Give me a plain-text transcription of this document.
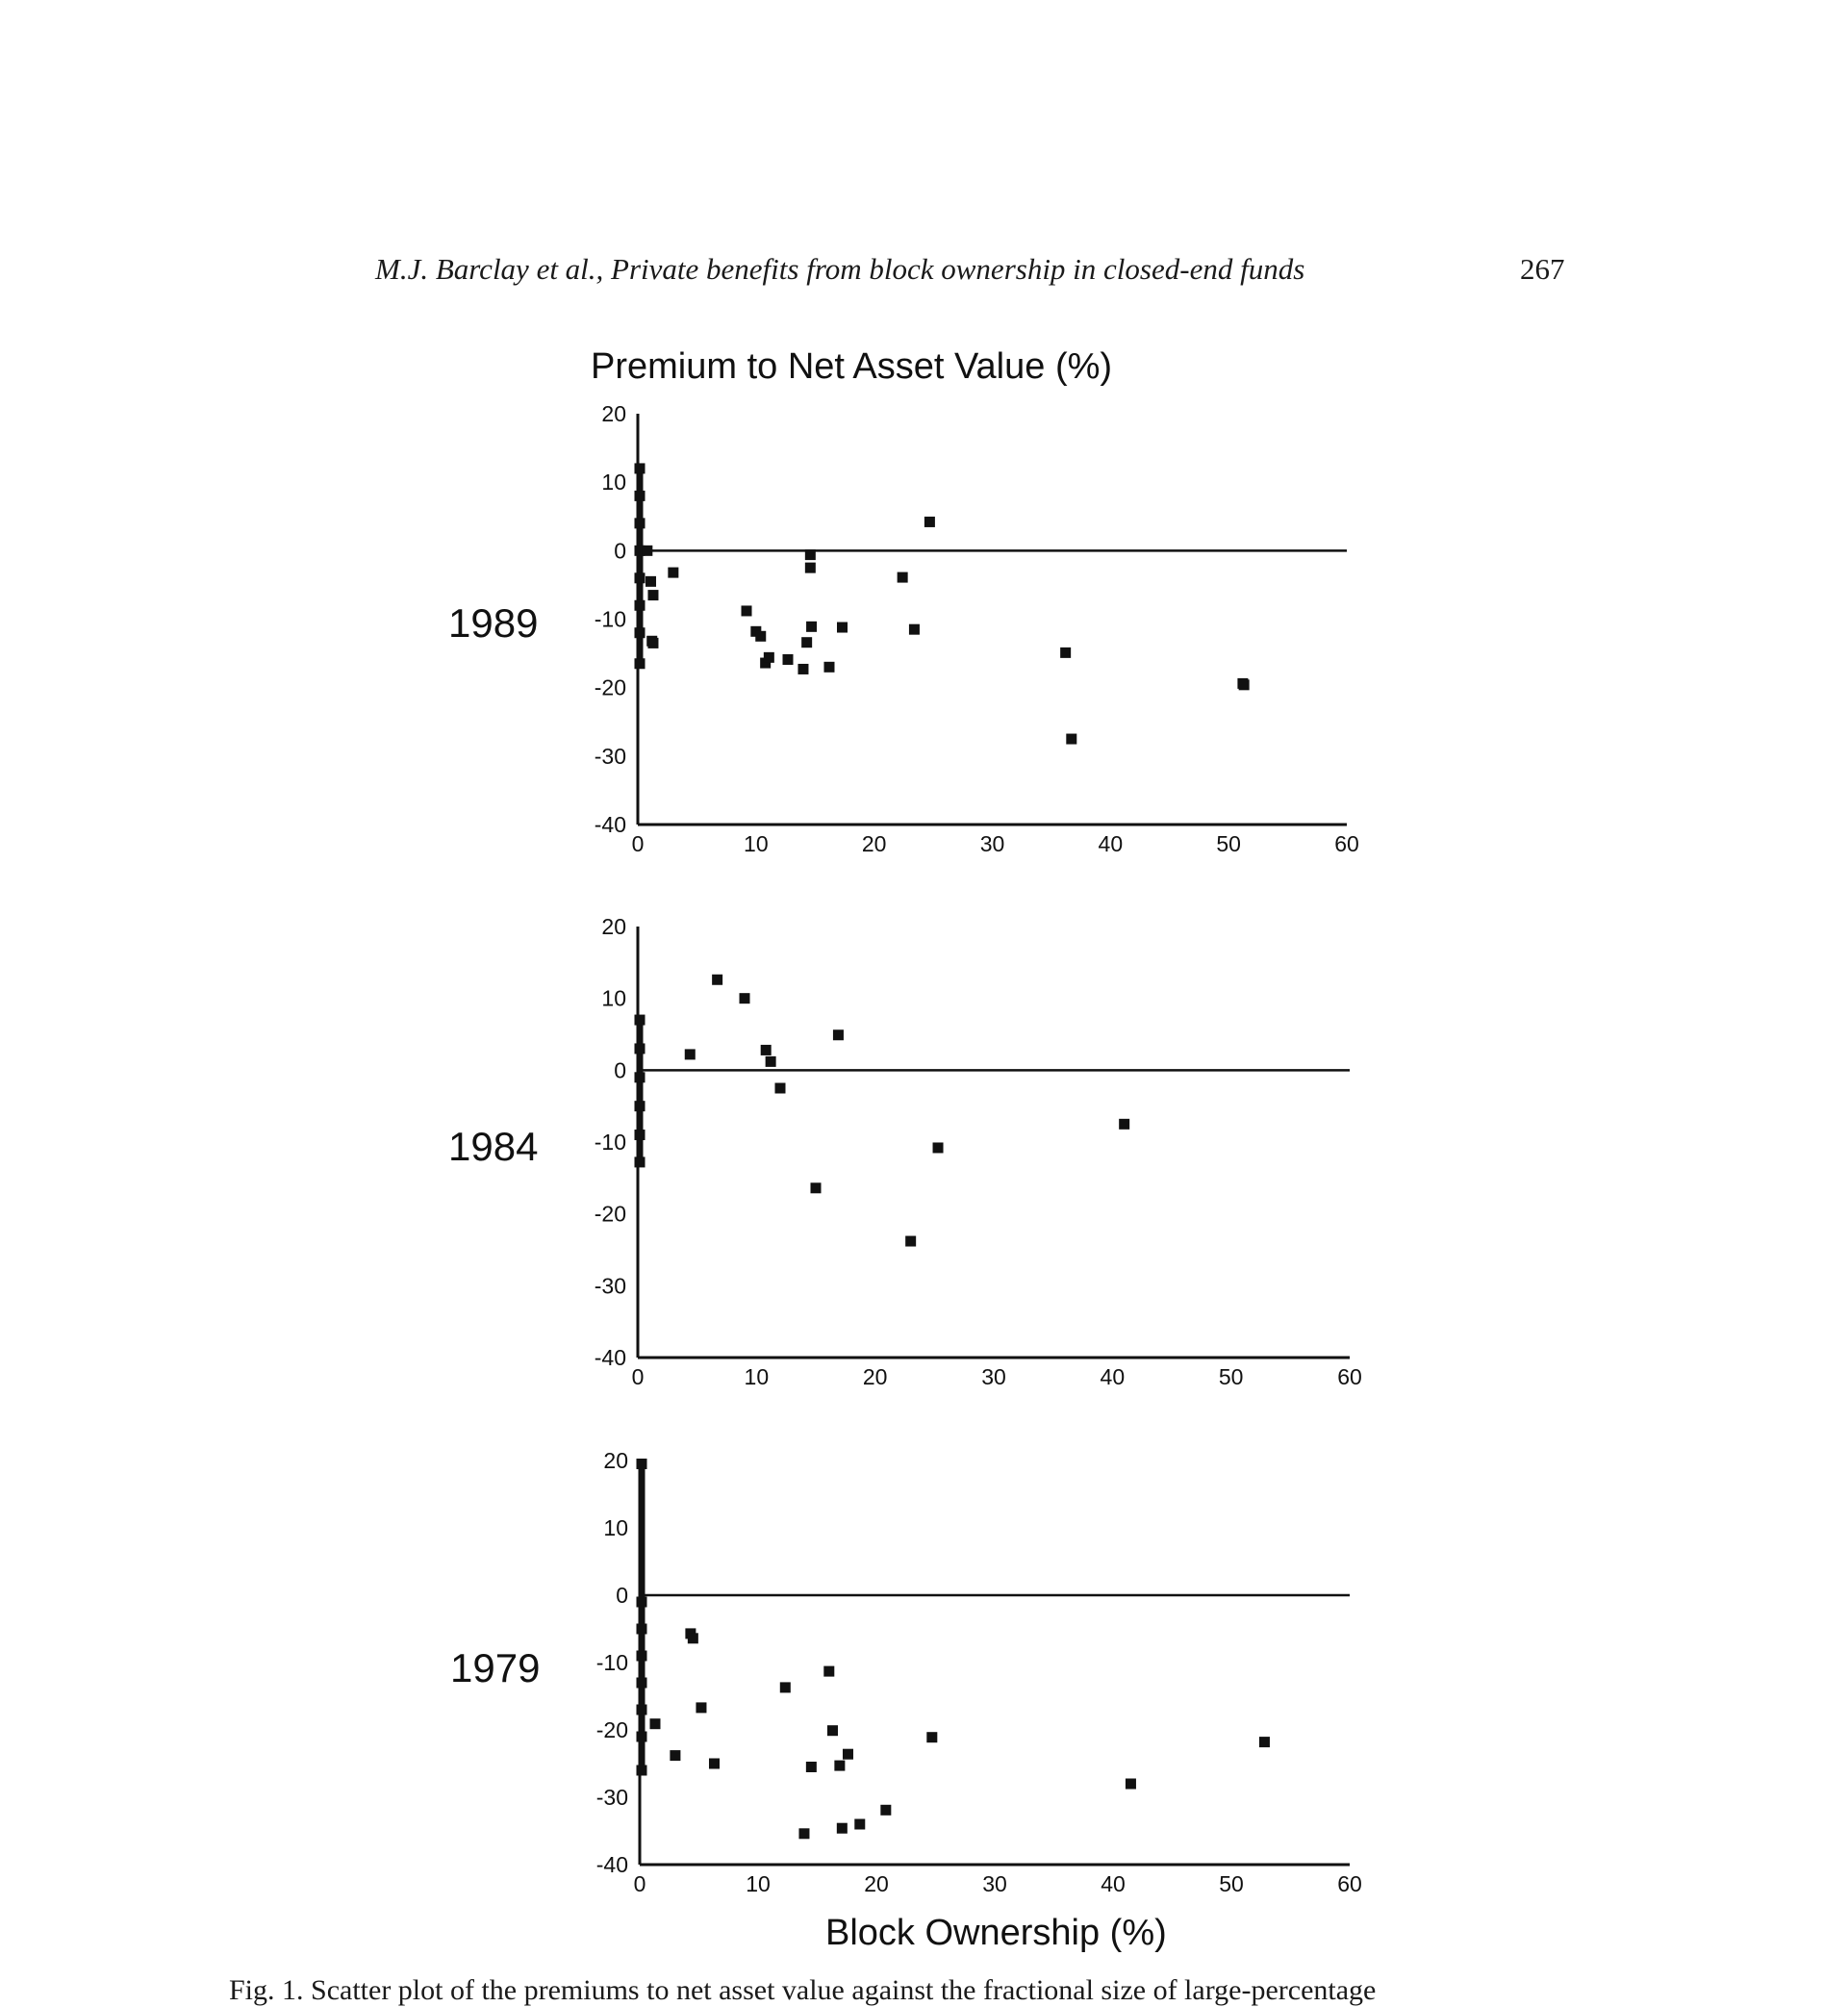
M.J. Barclay et al., Private benefits from block ownership in closed-end funds	267
Premium to Net Asset Value (%)
1989
1984
1979
20
10
0
-10
-20
-30
-40
0	10	20	30	40	50	60
20
10
0
-10
-20
-30
-40
0	10	20	30	40	50	60
20
10
0
-10
-20
-30
-40
0	10	20	30	40	50	60
Block Ownership (%)
Fig. 1. Scatter plot of the premiums to net asset value against the fractional size of large-percentage
